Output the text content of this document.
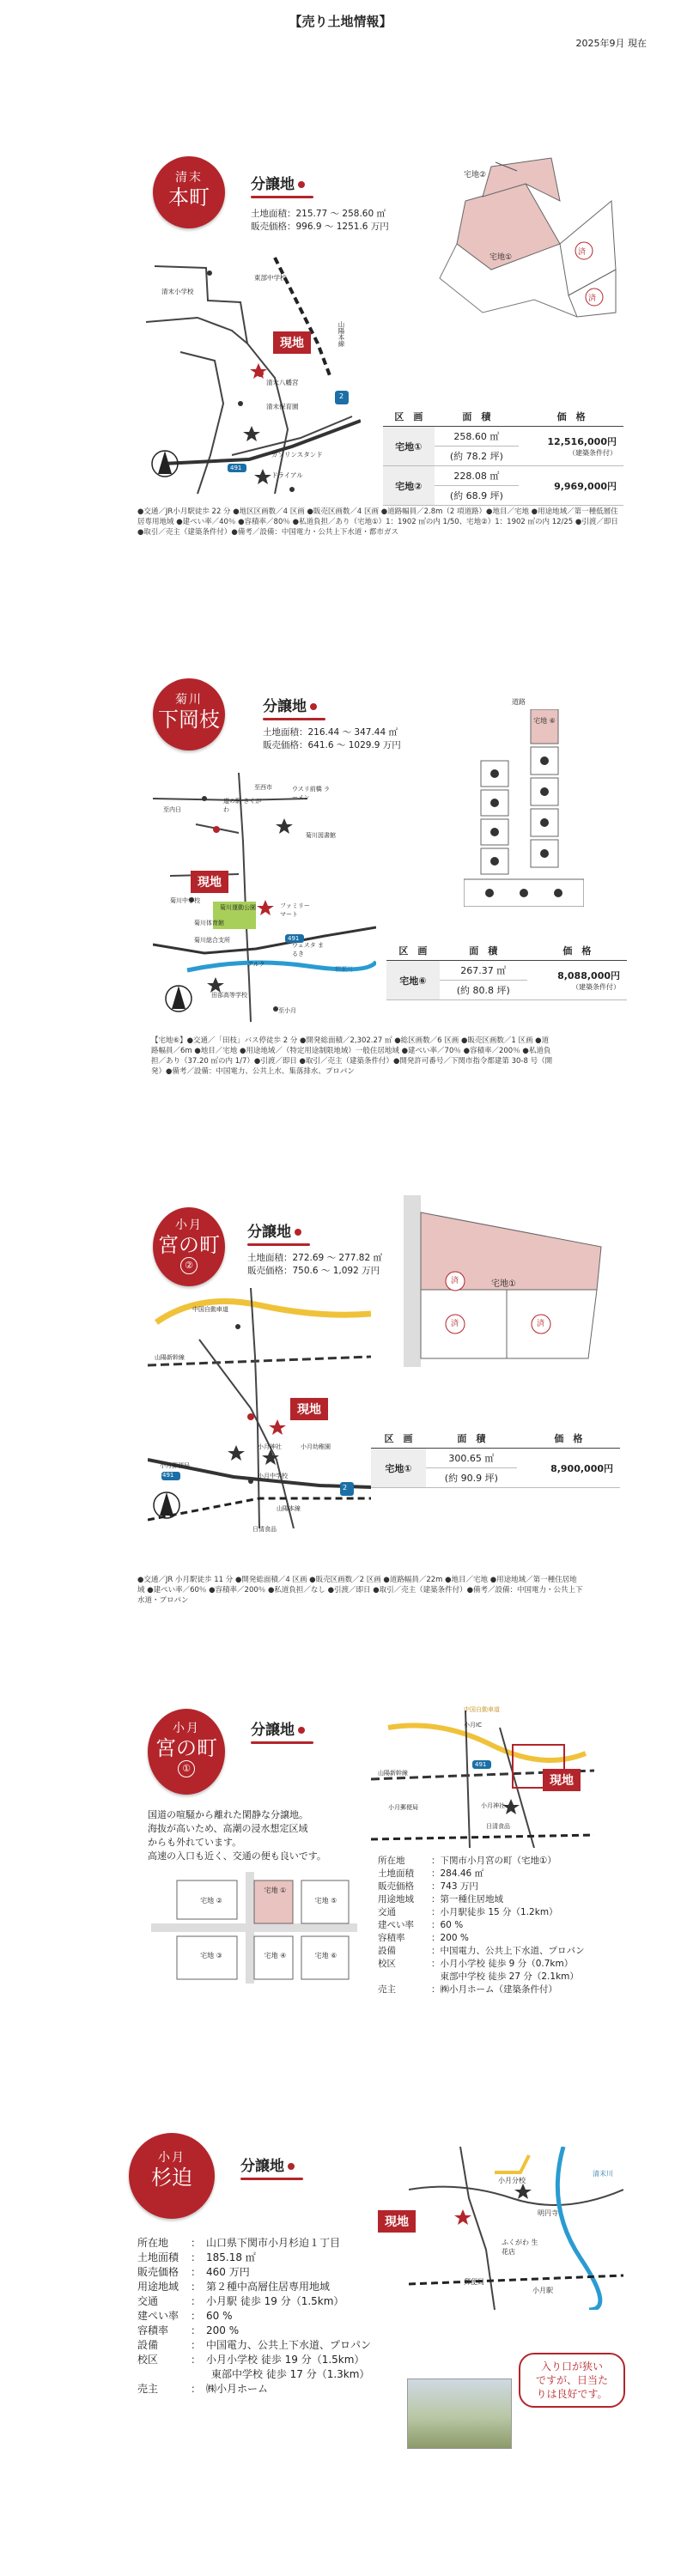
【売り土地情報】
2025年9月 現在
清末
本町
分譲地
土地面積：215.77 ～ 258.60 ㎡
販売価格：996.9 ～ 1251.6 万円
現地
東部中学校
清末小学校
清末八幡宮
清末保育園
ガソリンスタンド
ドライアル
山陽本線
491
2
宅地②
宅地①
済
済
区　画	面　積	価　格
宅地①	258.60 ㎡	12,516,000円
（建築条件付）

	(約 78.2 坪)	
宅地②	228.08 ㎡	9,969,000円
	(約 68.9 坪)	
●交通／JR小月駅徒歩 22 分 ●地区区画数／4 区画 ●販売区画数／4 区画 ●道路幅員／2.8m（2 項道路）●地目／宅地 ●用途地域／第一種低層住居専用地域 ●建ぺい率／40％ ●容積率／80％ ●私道負担／あり（宅地①）1：1902 ㎡の内 1/50、宅地②）1：1902 ㎡の内 12/25 ●引渡／即日 ●取引／売主（建築条件付）●備考／設備：中国電力・公共上下水道・都市ガス
菊川
下岡枝
分譲地
土地面積：216.44 ～ 347.44 ㎡
販売価格：641.6 ～ 1029.9 万円
現地
至西市
至内日
道の駅 きくがわ
ウスリ前橋 ラーメン
菊川図書館
菊川運動公園	ファミリー マート
菊川中学校
菊川体育館
菊川総合支所
ウェスタ まるき
アルク
田部高等学校
至小月
柳瀬川
491
道路
宅地 ⑥
区　画	面　積	価　格
宅地⑥	267.37 ㎡	8,088,000円
（建築条件付）

	(約 80.8 坪)	
【宅地⑥】●交通／「田枝」バス停徒歩 2 分 ●開発総面積／2,302.27 ㎡ ●総区画数／6 区画 ●販売区画数／1 区画 ●道路幅員／6m ●地目／宅地 ●用途地域／（特定用途制限地域）一般住居地域 ●建ぺい率／70％ ●容積率／200％ ●私道負担／あり（37.20 ㎡の内 1/7）●引渡／即日 ●取引／売主（建築条件付）●開発許可番号／下関市指令都建第 30-8 号（開発）●備考／設備：中国電力、公共上水、集落排水、プロパン
小月
宮の町
②
分譲地
土地面積：272.69 ～ 277.82 ㎡
販売価格：750.6 ～ 1,092 万円
現地
中国自動車道
山陽新幹線
小月郵便局
小月神社	小月幼稚園
小月中学校
山陽本線
日清食品
491
2
宅地①
済
済	済
区　画	面　積	価　格
宅地①	300.65 ㎡	8,900,000円
	(約 90.9 坪)	
●交通／JR 小月駅徒歩 11 分 ●開発総面積／4 区画 ●販売区画数／2 区画 ●道路幅員／22m ●地目／宅地 ●用途地域／第一種住居地域 ●建ぺい率／60％ ●容積率／200％ ●私道負担／なし ●引渡／即日 ●取引／売主（建築条件付）●備考／設備：中国電力・公共上下水道・プロパン
小月
宮の町
①
分譲地
国道の喧騒から離れた閑静な分譲地。
海抜が高いため、高潮の浸水想定区域
からも外れています。
高速の入口も近く、交通の便も良いです。
現地
中国自動車道
小月IC
山陽新幹線
小月郵便局	小月神社
日清食品
491
宅地 ①
宅地 ②
宅地 ③	宅地 ④
宅地 ⑤
宅地 ⑥
所在地	：下関市小月宮の町（宅地①）
土地面積 ：284.46 ㎡
販売価格 ：743 万円
用途地域 ：第一種住居地域
交通	：小月駅徒歩 15 分（1.2km）
建ぺい率 ：60 %
容積率	：200 %
設備	：中国電力、公共上下水道、プロパン
校区	：小月小学校 徒歩 9 分（0.7km）
　東部中学校 徒歩 27 分（2.1km）
売主	：㈱小月ホーム（建築条件付）
小月
杉迫	分譲地
現地
小月分校
明円寺
ふくがわ 生花店
小月駅
清末川
郵便局
所在地 ：　山口県下関市小月杉迫１丁目
土地面積 ：　185.18 ㎡
販売価格 ：　460 万円
用途地域 ：　第２種中高層住居専用地域
交通	：　小月駅 徒歩 19 分（1.5km）
建ぺい率 ：　60 %
容積率 ：　200 %
設備	：　中国電力、公共上下水道、プロパン
校区	：　小月小学校 徒歩 19 分（1.5km）
　　東部中学校 徒歩 17 分（1.3km）
売主	：　㈱小月ホーム
入り口が狭い
ですが、日当た
りは良好です。
